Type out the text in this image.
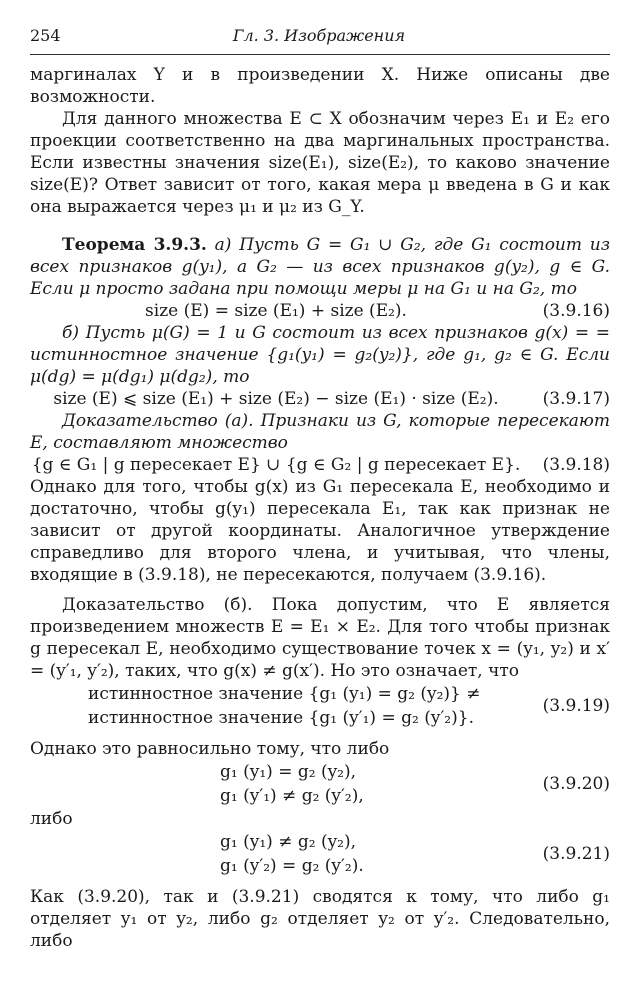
254	Гл. 3. Изображения

маргиналах Y и в произведении X. Ниже описаны две возможности.

Для данного множества E ⊂ X обозначим через E₁ и E₂ его проекции соответственно на два маргинальных пространства. Если известны значения size(E₁), size(E₂), то каково значение size(E)? Ответ зависит от того, какая мера μ введена в G и как она выражается через μ₁ и μ₂ из G_Y.

Теорема 3.9.3. а) Пусть G = G₁ ∪ G₂, где G₁ состоит из всех признаков g(y₁), а G₂ — из всех признаков g(y₂), g ∈ G. Если μ просто задана при помощи меры μ на G₁ и на G₂, то

size (E) = size (E₁) + size (E₂).	(3.9.16)

б) Пусть μ(G) = 1 и G состоит из всех признаков g(x) = = истинностное значение {g₁(y₁) = g₂(y₂)}, где g₁, g₂ ∈ G. Если μ(dg) = μ(dg₁) μ(dg₂), то

size (E) ⩽ size (E₁) + size (E₂) − size (E₁) · size (E₂).	(3.9.17)

Доказательство (а). Признаки из G, которые пересекают E, составляют множество

{g ∈ G₁ | g пересекает E} ∪ {g ∈ G₂ | g пересекает E}.	(3.9.18)

Однако для того, чтобы g(x) из G₁ пересекала E, необходимо и достаточно, чтобы g(y₁) пересекала E₁, так как признак не зависит от другой координаты. Аналогичное утверждение справедливо для второго члена, и учитывая, что члены, входящие в (3.9.18), не пересекаются, получаем (3.9.16).

Доказательство (б). Пока допустим, что E является произведением множеств E = E₁ × E₂. Для того чтобы признак g пересекал E, необходимо существование точек x = (y₁, y₂) и x′ = (y′₁, y′₂), таких, что g(x) ≠ g(x′). Но это означает, что

истинностное значение {g₁ (y₁) = g₂ (y₂)} ≠
истинностное значение {g₁ (y′₁) = g₂ (y′₂)}.
(3.9.19)

Однако это равносильно тому, что либо

g₁ (y₁) = g₂ (y₂),
g₁ (y′₁) ≠ g₂ (y′₂),
(3.9.20)

либо

g₁ (y₁) ≠ g₂ (y₂),
g₁ (y′₂) = g₂ (y′₂).
(3.9.21)

Как (3.9.20), так и (3.9.21) сводятся к тому, что либо g₁ отделяет y₁ от y₂, либо g₂ отделяет y₂ от y′₂. Следовательно, либо
